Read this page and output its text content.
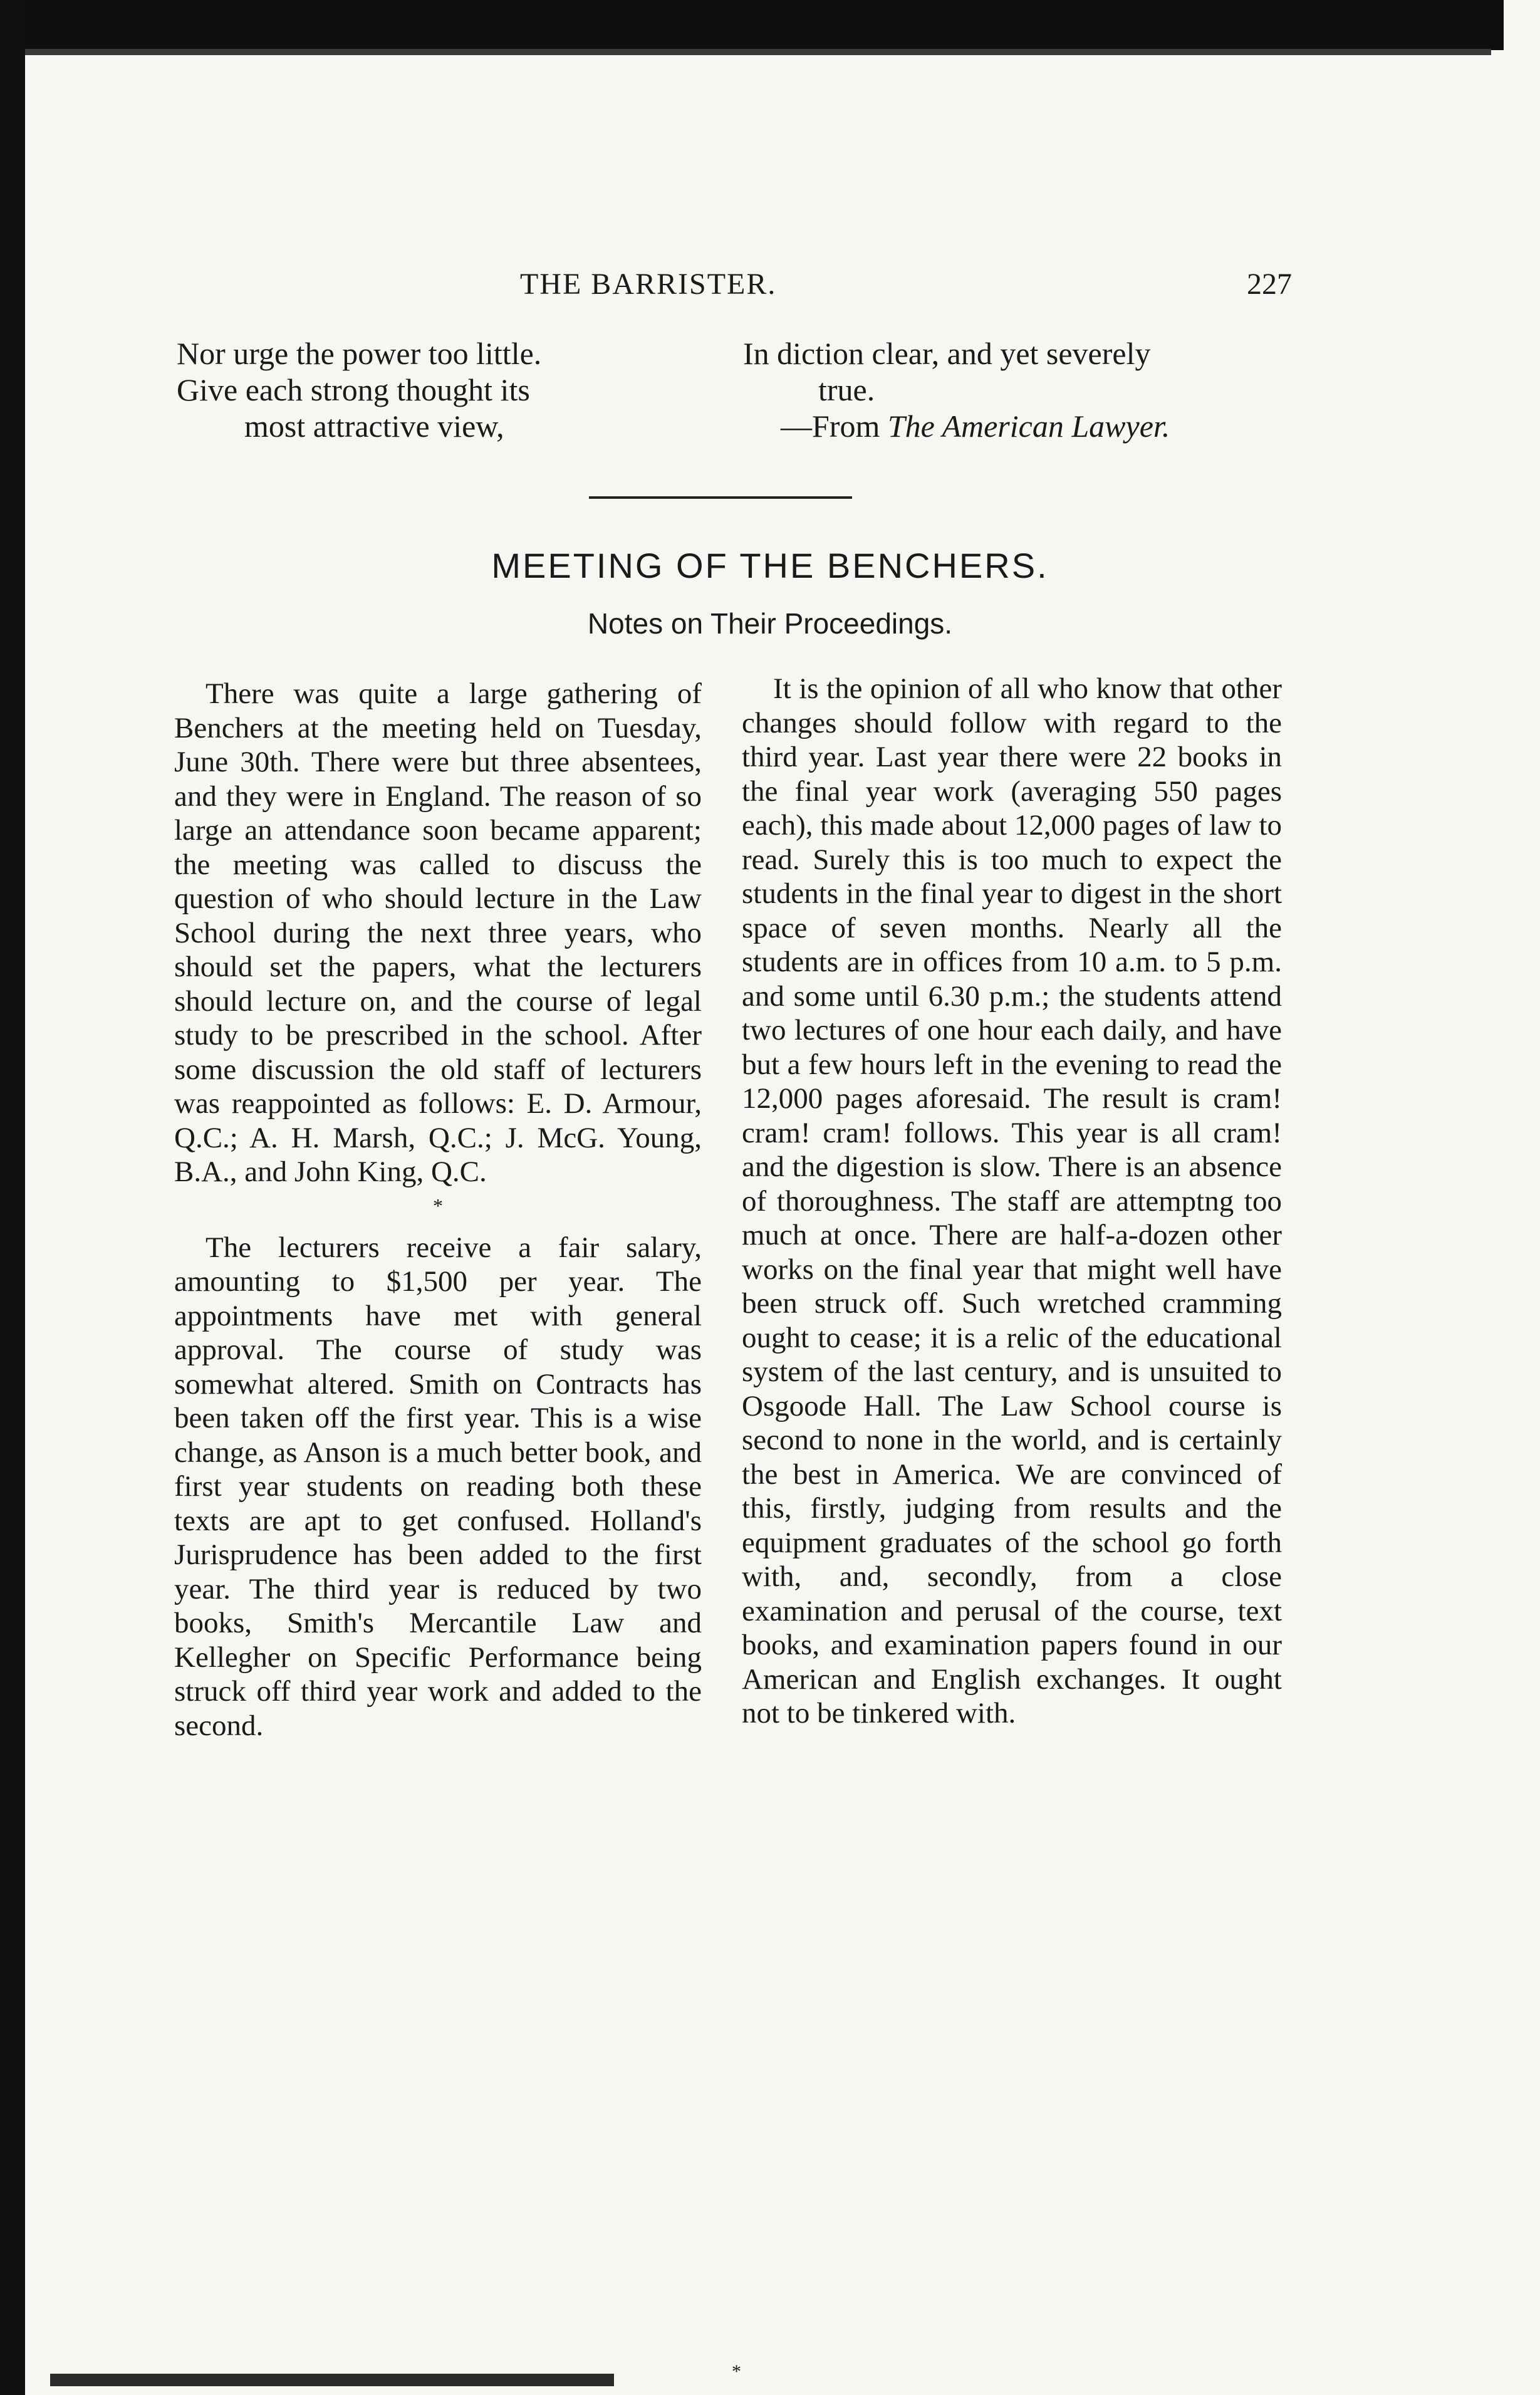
THE BARRISTER.	227
Nor urge the power too little.
Give each strong thought its
most attractive view,
In diction clear, and yet severely
true.
—From The American Lawyer.
MEETING OF THE BENCHERS.
Notes on Their Proceedings.

There was quite a large gathering of Benchers at the meeting held on Tuesday, June 30th. There were but three absentees, and they were in England. The reason of so large an attendance soon became apparent; the meeting was called to discuss the question of who should lecture in the Law School during the next three years, who should set the papers, what the lecturers should lecture on, and the course of legal study to be prescribed in the school. After some discussion the old staff of lecturers was reappointed as follows: E. D. Armour, Q.C.; A. H. Marsh, Q.C.; J. McG. Young, B.A., and John King, Q.C.

*

The lecturers receive a fair salary, amounting to $1,500 per year. The appointments have met with general approval. The course of study was somewhat altered. Smith on Contracts has been taken off the first year. This is a wise change, as Anson is a much better book, and first year students on reading both these texts are apt to get confused. Holland's Jurisprudence has been added to the first year. The third year is reduced by two books, Smith's Mercantile Law and Kellegher on Specific Performance being struck off third year work and added to the second.

It is the opinion of all who know that other changes should follow with regard to the third year. Last year there were 22 books in the final year work (averaging 550 pages each), this made about 12,000 pages of law to read. Surely this is too much to expect the students in the final year to digest in the short space of seven months. Nearly all the students are in offices from 10 a.m. to 5 p.m. and some until 6.30 p.m.; the students attend two lectures of one hour each daily, and have but a few hours left in the evening to read the 12,000 pages aforesaid. The result is cram! cram! cram! follows. This year is all cram! and the digestion is slow. There is an absence of thoroughness. The staff are attemptng too much at once. There are half-a-dozen other works on the final year that might well have been struck off. Such wretched cramming ought to cease; it is a relic of the educational system of the last century, and is unsuited to Osgoode Hall. The Law School course is second to none in the world, and is certainly the best in America. We are convinced of this, firstly, judging from results and the equipment graduates of the school go forth with, and, secondly, from a close examination and perusal of the course, text books, and examination papers found in our American and English exchanges. It ought not to be tinkered with.

*
